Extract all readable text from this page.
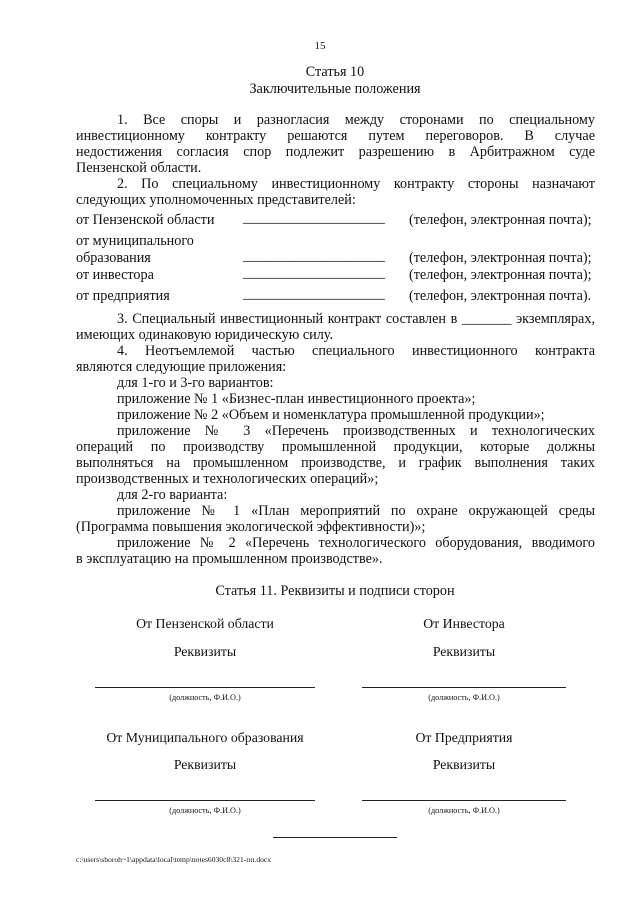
15
Статья 10
Заключительные положения
1. Все споры и разногласия между сторонами по специальному
инвестиционному контракту решаются путем переговоров. В случае
недостижения согласия спор подлежит разрешению в Арбитражном суде
Пензенской области.
2. По специальному инвестиционному контракту стороны назначают
следующих уполномоченных представителей:
от Пензенской области ____________________ (телефон, электронная почта);
от муниципального
образования	____________________ (телефон, электронная почта);
от инвестора	____________________ (телефон, электронная почта);
от предприятия	____________________ (телефон, электронная почта).
3. Специальный инвестиционный контракт составлен в _______ экземплярах,
имеющих одинаковую юридическую силу.
4. Неотъемлемой частью специального инвестиционного контракта
являются следующие приложения:
для 1-го и 3-го вариантов:
приложение № 1 «Бизнес-план инвестиционного проекта»;
приложение № 2 «Объем и номенклатура промышленной продукции»;
приложение № 3 «Перечень производственных и технологических
операций по производству промышленной продукции, которые должны
выполняться на промышленном производстве, и график выполнения таких
производственных и технологических операций»;
для 2-го варианта:
приложение № 1 «План мероприятий по охране окружающей среды
(Программа повышения экологической эффективности)»;
приложение № 2 «Перечень технологического оборудования, вводимого
в эксплуатацию на промышленном производстве».
Статья 11. Реквизиты и подписи сторон
От Пензенской области
Реквизиты
(должность, Ф.И.О.)
От Инвестора
Реквизиты
(должность, Ф.И.О.)
От Муниципального образования
Реквизиты
(должность, Ф.И.О.)
От Предприятия
Реквизиты
(должность, Ф.И.О.)
c:\users\shoroh~1\appdata\local\temp\notes6030c8\321-пп.docx
